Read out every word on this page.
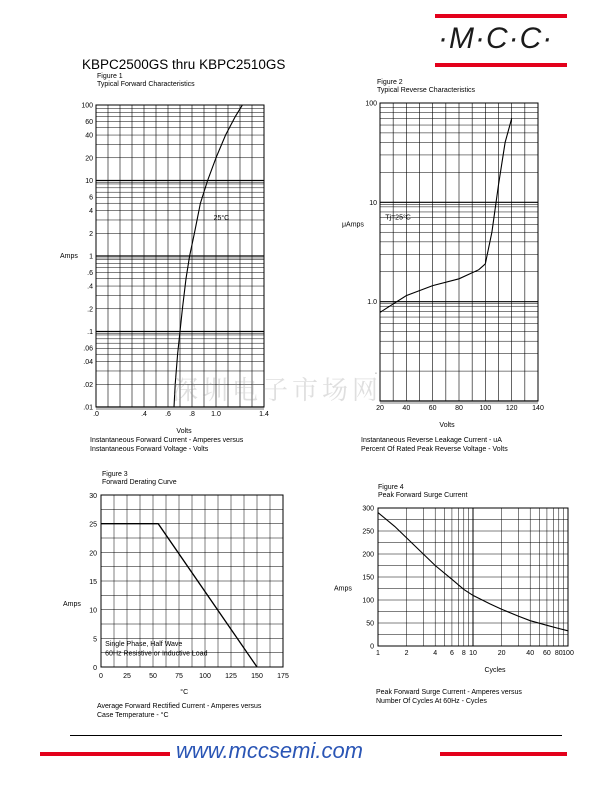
·M·C·C·
KBPC2500GS thru KBPC2510GS
Figure 1
Typical Forward Characteristics	Figure 2
Typical Reverse Characteristics
Figure 3
Forward Derating Curve
Figure 4
Peak Forward Surge Current
100
60
40
20
10
6
4
2
1
.6
.4
.2
.1
.06
.04
.02
.01
.0	.4	.6	.8 1.0	1.4
Volts
Amps
25°C
100
10
1.0
.
20	40	60	80 100 120 140
Volts
μAmps
Tj=25°C
30
25
20
15
10
5
0
0	25	50	75 100 125 150 175
°C
Amps
Single Phase, Half Wave
60Hz Resistive or Inductive Load
300
250
200
150
100
50
0
1	2	4 6 8 10	20	40 60 80 100
Cycles
Amps
Instantaneous Forward Current - Amperes versus
Instantaneous Forward Voltage - Volts
Instantaneous Reverse Leakage Current - uA
Percent Of Rated Peak Reverse Voltage - Volts
Average Forward Rectified Current - Amperes versus
Case Temperature - °C
Peak Forward Surge Current - Amperes versus
Number Of Cycles At 60Hz - Cycles
深圳电子市场网
www.mccsemi.com
